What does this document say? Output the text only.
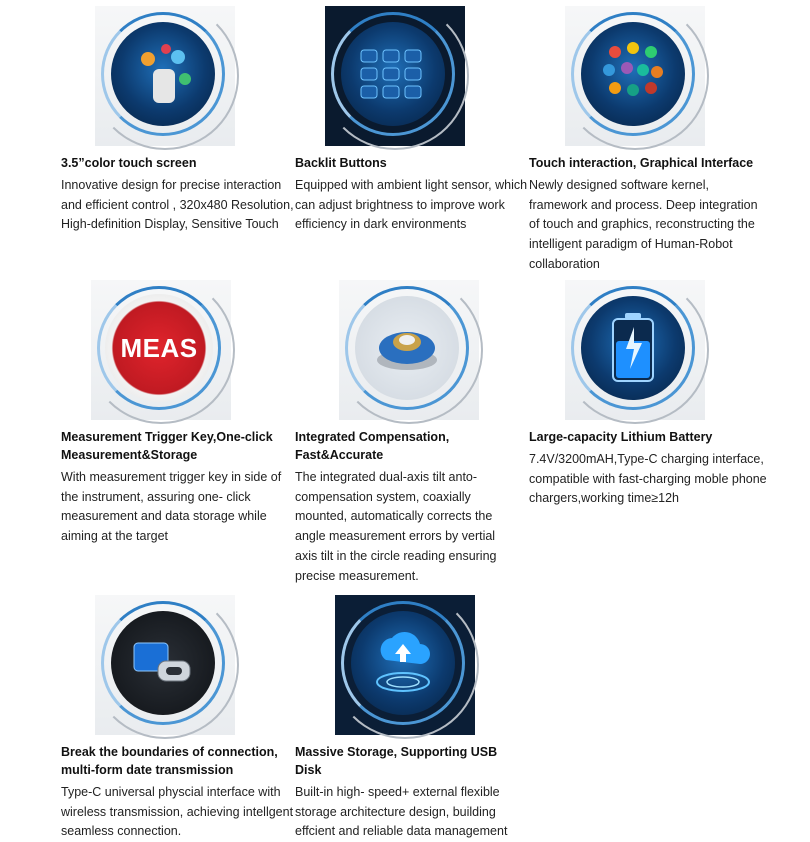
3.5”color touch screen
Innovative design for precise interaction and efficient control , 320x480 Resolution, High-definition Display, Sensitive Touch
Backlit Buttons
Equipped with ambient light sensor, which can adjust brightness to improve work efficiency in dark environments
Touch interaction, Graphical Interface
Newly designed software kernel, framework and process. Deep integration of touch and graphics, reconstructing the intelligent paradigm of Human-Robot collaboration
MEAS
Measurement Trigger Key,One-click Measurement&Storage
With measurement trigger key in side of the instrument, assuring one- click measurement and data storage while aiming at the target
Integrated Compensation, Fast&Accurate
The integrated dual-axis tilt anto-compensation system, coaxially mounted, automatically corrects the angle measurement errors by vertial axis tilt in the circle reading ensuring precise measurement.
Large-capacity Lithium Battery
7.4V/3200mAH,Type-C charging interface, compatible with fast-charging moble phone chargers,working time≥12h
Break the boundaries of connection, multi-form date transmission
Type-C universal physcial interface with wireless transmission, achieving intellgent seamless connection.
Massive Storage, Supporting USB Disk
Built-in high- speed+ external flexible storage architecture design, building effcient and reliable data management
